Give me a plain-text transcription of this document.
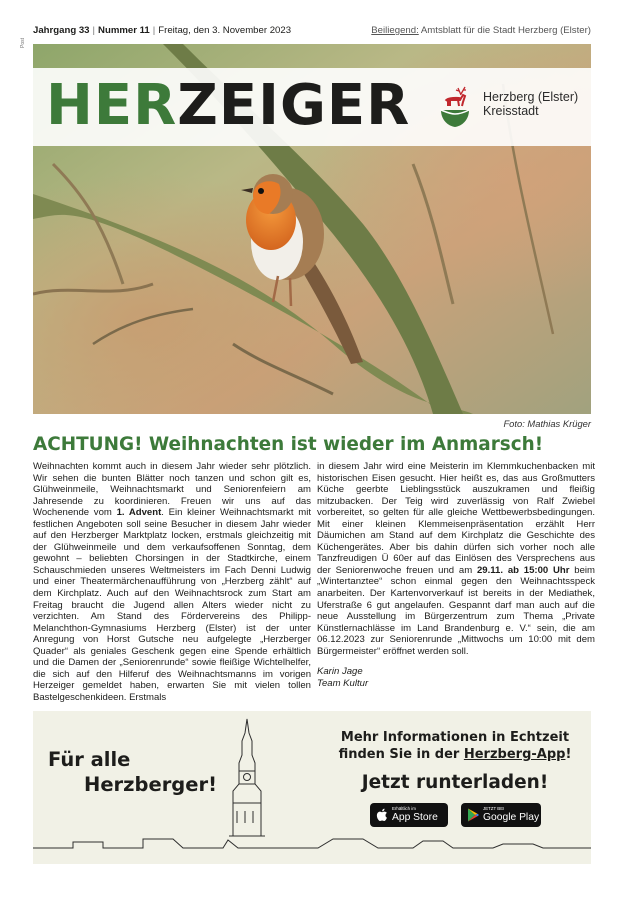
Post
Jahrgang 33 | Nummer 11 | Freitag, den 3. November 2023	Beiliegend: Amtsblatt für die Stadt Herzberg (Elster)
HERZEIGER	Herzberg (Elster)
Kreisstadt
Foto: Mathias Krüger
ACHTUNG! Weihnachten ist wieder im Anmarsch!

Weihnachten kommt auch in diesem Jahr wieder sehr plötzlich. Wir sehen die bunten Blätter noch tanzen und schon gilt es, Glühweinmeile, Weihnachtsmarkt und Seniorenfeiern am Jahresende zu koordinieren. Freuen wir uns auf das Wochenende vom 1. Advent. Ein kleiner Weihnachtsmarkt mit festlichen Angeboten soll seine Besucher in diesem Jahr wieder auf den Herzberger Marktplatz locken, erstmals gleichzeitig mit der Glühweinmeile und dem verkaufsoffenen Sonntag, dem gewohnt – beliebten Chorsingen in der Stadtkirche, einem Schauschmieden unseres Weltmeisters im Fach Denni Ludwig und einer Theatermärchenaufführung von „Herzberg zählt“ auf dem Kirchplatz. Auch auf den Weihnachtsrock zum Start am Freitag braucht die Jugend allen Alters wieder nicht zu verzichten. Am Stand des Fördervereins des Philipp-Melanchthon-Gymnasiums Herzberg (Elster) ist der unter Anregung von Horst Gutsche neu aufgelegte „Herzberger Quader“ als geniales Geschenk gegen eine Spende erhältlich und die Damen der „Seniorenrunde“ sowie fleißige Wichtelhelfer, die sich auf den Hilferuf des Weihnachtsmanns im vorigen Herzeiger gemeldet haben, erwarten Sie mit vielen tollen Bastelgeschenkideen. Erstmals

in diesem Jahr wird eine Meisterin im Klemmkuchenbacken mit historischen Eisen gesucht. Hier heißt es, das aus Großmutters Küche geerbte Lieblingsstück auszukramen und fleißig mitzubacken. Der Teig wird zuverlässig von Ralf Zwiebel vorbereitet, so gelten für alle gleiche Wettbewerbsbedingungen. Mit einer kleinen Klemmeisenpräsentation erzählt Herr Däumichen am Stand auf dem Kirchplatz die Geschichte des Küchengerätes. Aber bis dahin dürfen sich vorher noch alle Tanzfreudigen Ü 60er auf das Einlösen des Versprechens aus der Seniorenwoche freuen und am 29.11. ab 15:00 Uhr beim „Wintertanztee“ schon einmal gegen den Weihnachtsspeck anarbeiten. Der Kartenvorverkauf ist bereits in der Mediathek, Uferstraße 6 gut angelaufen. Gespannt darf man auch auf die neue Ausstellung im Bürgerzentrum zum Thema „Private Künstlernachlässe im Land Brandenburg e. V.“ sein, die am 06.12.2023 zur Seniorenrunde „Mittwochs um 10:00 mit dem Bürgermeister“ eröffnet werden soll.

Karin Jage
Team Kultur
Für alle
Herzberger!
Mehr Informationen in Echtzeit
finden Sie in der Herzberg-App!
Jetzt runterladen!
Erhältlich im
App Store
JETZT BEI
Google Play
